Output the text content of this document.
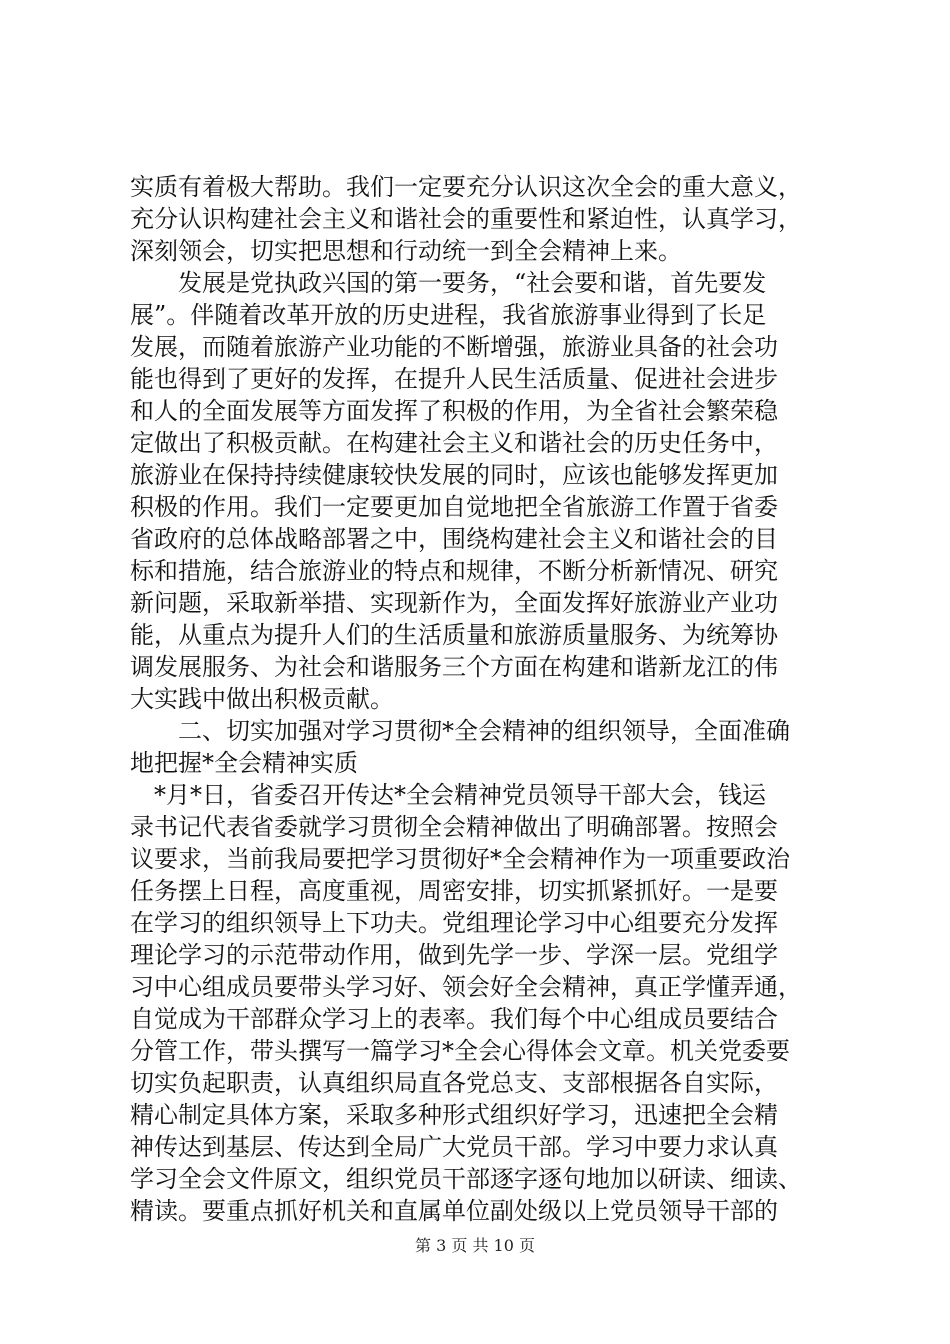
实质有着极大帮助。我们一定要充分认识这次全会的重大意义，
充分认识构建社会主义和谐社会的重要性和紧迫性，认真学习，
深刻领会，切实把思想和行动统一到全会精神上来。
　　发展是党执政兴国的第一要务，“社会要和谐，首先要发
展”。伴随着改革开放的历史进程，我省旅游事业得到了长足
发展，而随着旅游产业功能的不断增强，旅游业具备的社会功
能也得到了更好的发挥，在提升人民生活质量、促进社会进步
和人的全面发展等方面发挥了积极的作用，为全省社会繁荣稳
定做出了积极贡献。在构建社会主义和谐社会的历史任务中，
旅游业在保持持续健康较快发展的同时，应该也能够发挥更加
积极的作用。我们一定要更加自觉地把全省旅游工作置于省委
省政府的总体战略部署之中，围绕构建社会主义和谐社会的目
标和措施，结合旅游业的特点和规律，不断分析新情况、研究
新问题，采取新举措、实现新作为，全面发挥好旅游业产业功
能，从重点为提升人们的生活质量和旅游质量服务、为统筹协
调发展服务、为社会和谐服务三个方面在构建和谐新龙江的伟
大实践中做出积极贡献。
　　二、切实加强对学习贯彻*全会精神的组织领导，全面准确
地把握*全会精神实质
　*月*日，省委召开传达*全会精神党员领导干部大会，钱运
录书记代表省委就学习贯彻全会精神做出了明确部署。按照会
议要求，当前我局要把学习贯彻好*全会精神作为一项重要政治
任务摆上日程，高度重视，周密安排，切实抓紧抓好。一是要
在学习的组织领导上下功夫。党组理论学习中心组要充分发挥
理论学习的示范带动作用，做到先学一步、学深一层。党组学
习中心组成员要带头学习好、领会好全会精神，真正学懂弄通，
自觉成为干部群众学习上的表率。我们每个中心组成员要结合
分管工作，带头撰写一篇学习*全会心得体会文章。机关党委要
切实负起职责，认真组织局直各党总支、支部根据各自实际，
精心制定具体方案，采取多种形式组织好学习，迅速把全会精
神传达到基层、传达到全局广大党员干部。学习中要力求认真
学习全会文件原文，组织党员干部逐字逐句地加以研读、细读、
精读。要重点抓好机关和直属单位副处级以上党员领导干部的
第 3 页 共 10 页
